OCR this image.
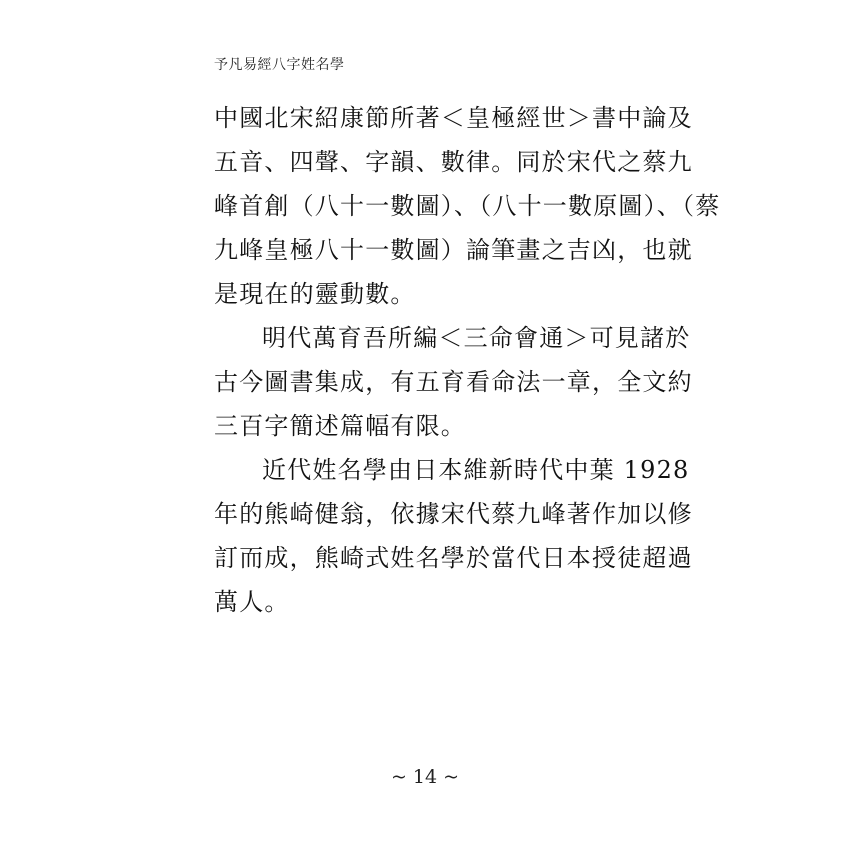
予凡易經八字姓名學
中國北宋紹康節所著＜皇極經世＞書中論及
五音、四聲、字韻、數律。同於宋代之蔡九
峰首創（八十一數圖）、（八十一數原圖）、（蔡
九峰皇極八十一數圖）論筆畫之吉凶，也就
是現在的靈動數。
明代萬育吾所編＜三命會通＞可見諸於
古今圖書集成，有五育看命法一章，全文約
三百字簡述篇幅有限。
近代姓名學由日本維新時代中葉 1928
年的熊崎健翁，依據宋代蔡九峰著作加以修
訂而成，熊崎式姓名學於當代日本授徒超過
萬人。
~ 14 ~
